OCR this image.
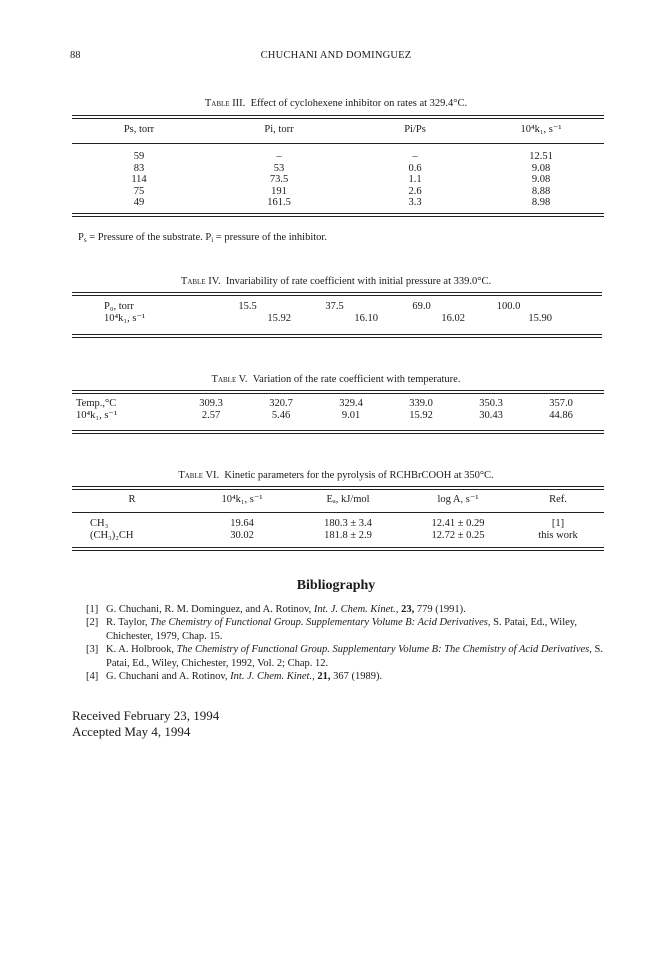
88	CHUCHANI AND DOMINGUEZ
Table III. Effect of cyclohexene inhibitor on rates at 329.4°C.
Ps, torr	Pi, torr	Pi/Ps	10⁴k₁, s⁻¹
59	–	–	12.51
83	53	0.6	9.08
114	73.5	1.1	9.08
75	191	2.6	8.88
49	161.5	3.3	8.98
$P_s$ = Pressure of the substrate. $P_i$ = pressure of the inhibitor.
Table IV. Invariability of rate coefficient with initial pressure at 339.0°C.
P₀, torr	15.5	37.5	69.0	100.0
10⁴k₁, s⁻¹	15.92	16.10	16.02	15.90
Table V. Variation of the rate coefficient with temperature.
Temp.,°C	309.3	320.7	329.4	339.0	350.3	357.0
10⁴k₁, s⁻¹	2.57	5.46	9.01	15.92	30.43	44.86
Table VI. Kinetic parameters for the pyrolysis of RCHBrCOOH at 350°C.
R	10⁴k₁, s⁻¹	Eₐ, kJ/mol	log A, s⁻¹	Ref.
CH₃	19.64	180.3 ± 3.4	12.41 ± 0.29	[1]
(CH₃)₂CH	30.02	181.8 ± 2.9	12.72 ± 0.25	this work
Bibliography
[1] G. Chuchani, R. M. Dominguez, and A. Rotinov, Int. J. Chem. Kinet., 23, 779 (1991).
[2] R. Taylor, The Chemistry of Functional Group. Supplementary Volume B: Acid Derivatives, S. Patai, Ed., Wiley, Chichester, 1979, Chap. 15.
[3] K. A. Holbrook, The Chemistry of Functional Group. Supplementary Volume B: The Chemistry of Acid Derivatives, S. Patai, Ed., Wiley, Chichester, 1992, Vol. 2; Chap. 12.
[4] G. Chuchani and A. Rotinov, Int. J. Chem. Kinet., 21, 367 (1989).
Received February 23, 1994
Accepted May 4, 1994
